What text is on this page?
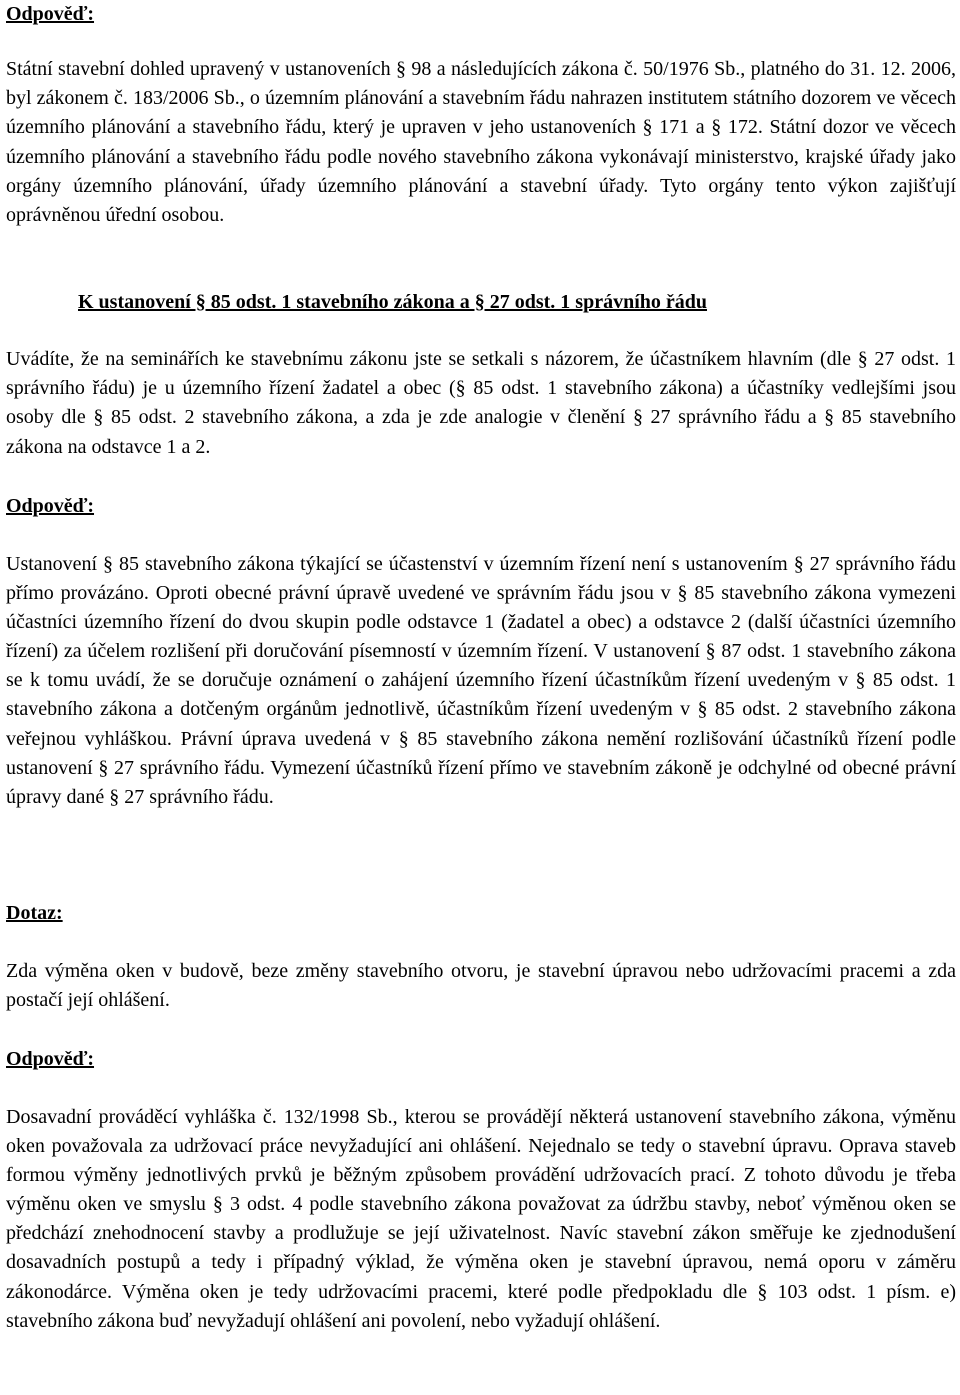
Odpověď:

Státní stavební dohled upravený v ustanoveních § 98 a následujících zákona č. 50/1976 Sb., platného do 31. 12. 2006, byl zákonem č. 183/2006 Sb., o územním plánování a stavebním řádu nahrazen institutem státního dozorem ve věcech územního plánování a stavebního řádu, který je upraven v jeho ustanoveních § 171 a § 172. Státní dozor ve věcech územního plánování a stavebního řádu podle nového stavebního zákona vykonávají ministerstvo, krajské úřady jako orgány územního plánování, úřady územního plánování a stavební úřady. Tyto orgány tento výkon zajišťují oprávněnou úřední osobou.

K ustanovení § 85 odst. 1 stavebního zákona a § 27 odst. 1 správního řádu

Uvádíte, že na seminářích ke stavebnímu zákonu jste se setkali s názorem, že účastníkem hlavním (dle § 27 odst. 1 správního řádu) je u územního řízení žadatel a obec (§ 85 odst. 1 stavebního zákona) a účastníky vedlejšími jsou osoby dle § 85 odst. 2 stavebního zákona, a zda je zde analogie v členění § 27 správního řádu a § 85 stavebního zákona na odstavce 1 a 2.

Odpověď:

Ustanovení § 85 stavebního zákona týkající se účastenství v územním řízení není s ustanovením § 27 správního řádu přímo provázáno. Oproti obecné právní úpravě uvedené ve správním řádu jsou v § 85 stavebního zákona vymezeni účastníci územního řízení do dvou skupin podle odstavce 1 (žadatel a obec) a odstavce 2 (další účastníci územního řízení) za účelem rozlišení při doručování písemností v územním řízení. V ustanovení § 87 odst. 1 stavebního zákona se k tomu uvádí, že se doručuje oznámení o zahájení územního řízení účastníkům řízení uvedeným v § 85 odst. 1 stavebního zákona a dotčeným orgánům jednotlivě, účastníkům řízení uvedeným v § 85 odst. 2 stavebního zákona veřejnou vyhláškou. Právní úprava uvedená v § 85 stavebního zákona nemění rozlišování účastníků řízení podle ustanovení § 27 správního řádu. Vymezení účastníků řízení přímo ve stavebním zákoně je odchylné od obecné právní úpravy dané § 27 správního řádu.

Dotaz:

Zda výměna oken v budově, beze změny stavebního otvoru, je stavební úpravou nebo udržovacími pracemi a zda postačí její ohlášení.

Odpověď:

Dosavadní prováděcí vyhláška č. 132/1998 Sb., kterou se provádějí některá ustanovení stavebního zákona, výměnu oken považovala za udržovací práce nevyžadující ani ohlášení. Nejednalo se tedy o stavební úpravu. Oprava staveb formou výměny jednotlivých prvků je běžným způsobem provádění udržovacích prací. Z tohoto důvodu je třeba výměnu oken ve smyslu § 3 odst. 4 podle stavebního zákona považovat za údržbu stavby, neboť výměnou oken se předchází znehodnocení stavby a prodlužuje se její uživatelnost. Navíc stavební zákon směřuje ke zjednodušení dosavadních postupů a tedy i případný výklad, že výměna oken je stavební úpravou, nemá oporu v záměru zákonodárce. Výměna oken je tedy udržovacími pracemi, které podle předpokladu dle § 103 odst. 1 písm. e) stavebního zákona buď nevyžadují ohlášení ani povolení, nebo vyžadují ohlášení.
